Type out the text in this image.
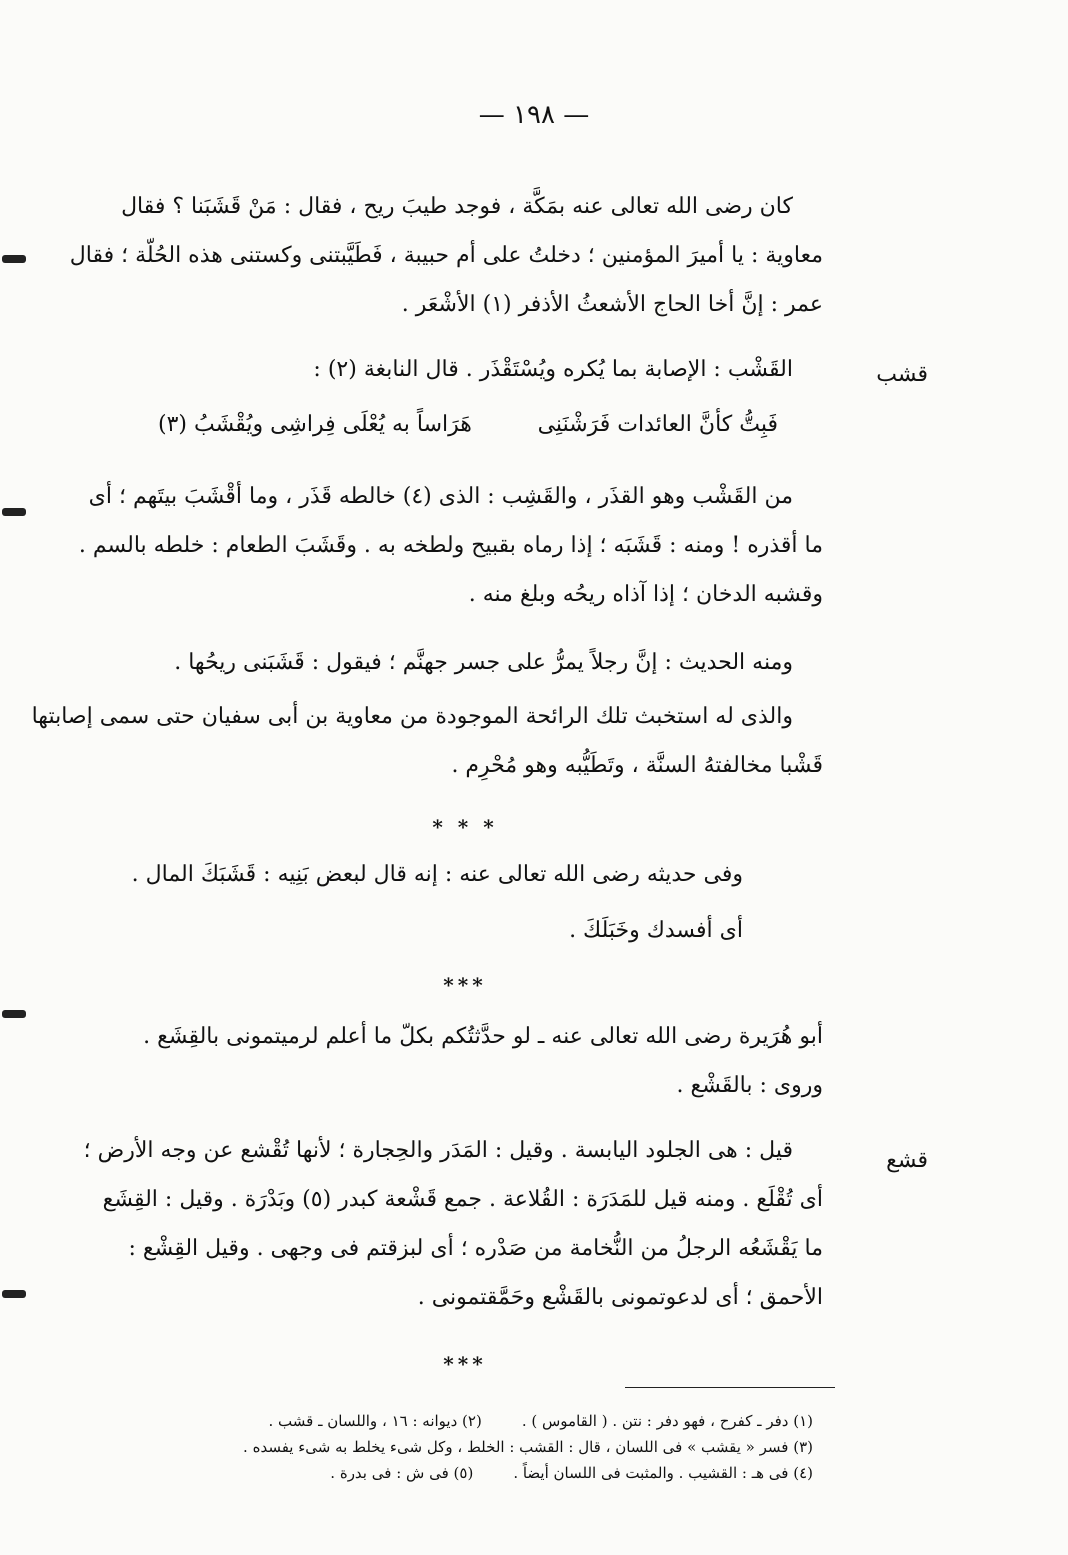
— ١٩٨ —
كان رضى الله تعالى عنه بمَكَّة ، فوجد طيبَ ريح ، فقال : مَنْ قَشَبَنا ؟ فقال
معاوية : يا أميرَ المؤمنين ؛ دخلتُ على أم حبيبة ، فَطَيَّبتنى وكستنى هذه الحُلّة ؛ فقال
عمر : إنَّ أخا الحاج الأشعثُ الأذفر (١) الأشْعَر .
قشب
القَشْب : الإصابة بما يُكره ويُسْتَقْذَر . قال النابغة (٢) :
فَبِتُّ كأنَّ العائدات فَرَشْنَنِى
هَرَاساً به يُعْلَى فِراشِى ويُقْشَبُ (٣)
من القَشْب وهو القذَر ، والقَشِب : الذى (٤) خالطه قَذَر ، وما أقْشَبَ بيتَهم ؛ أى
ما أقذره ! ومنه : قَشَبَه ؛ إذا رماه بقبيح ولطخه به . وقَشَبَ الطعام : خلطه بالسم .
وقشبه الدخان ؛ إذا آذاه ريحُه وبلغ منه .
ومنه الحديث : إنَّ رجلاً يمرُّ على جسر جهنَّم ؛ فيقول : قَشَبَنى ريحُها .
والذى له استخبث تلك الرائحة الموجودة من معاوية بن أبى سفيان حتى سمى إصابتها
قَشْبا مخالفتهُ السنَّة ، وتَطَيُّبه وهو مُحْرِم .
* * *
وفى حديثه رضى الله تعالى عنه : إنه قال لبعض بَنِيه : قَشَبَكَ المال .
أى أفسدك وخَبَلَكَ .
***
أبو هُرَيرة رضى الله تعالى عنه ـ لو حدَّثتُكم بكلّ ما أعلم لرميتمونى بالقِشَع .
وروى : بالقَشْع .
قشع
قيل : هى الجلود اليابسة . وقيل : المَدَر والحِجارة ؛ لأنها تُقْشع عن وجه الأرض ؛
أى تُقْلَع . ومنه قيل للمَدَرَة : القُلاعة . جمع قَشْعة كبدر (٥) وبَدْرَة . وقيل : القِشَع
ما يَقْشَعُه الرجلُ من النُّخامة من صَدْره ؛ أى لبزقتم فى وجهى . وقيل القِشْع :
الأحمق ؛ أى لدعوتمونى بالقَشْع وحَمَّقتمونى .
***
(١) دفر ـ كفرح ، فهو دفر : نتن . ( القاموس ) .
(٢) ديوانه : ١٦ ، واللسان ـ قشب .
(٣) فسر « يقشب » فى اللسان ، قال : القشب : الخلط ، وكل شىء يخلط به شىء يفسده .
(٤) فى هـ : القشيب . والمثبت فى اللسان أيضاً .
(٥) فى ش : فى بدرة .
